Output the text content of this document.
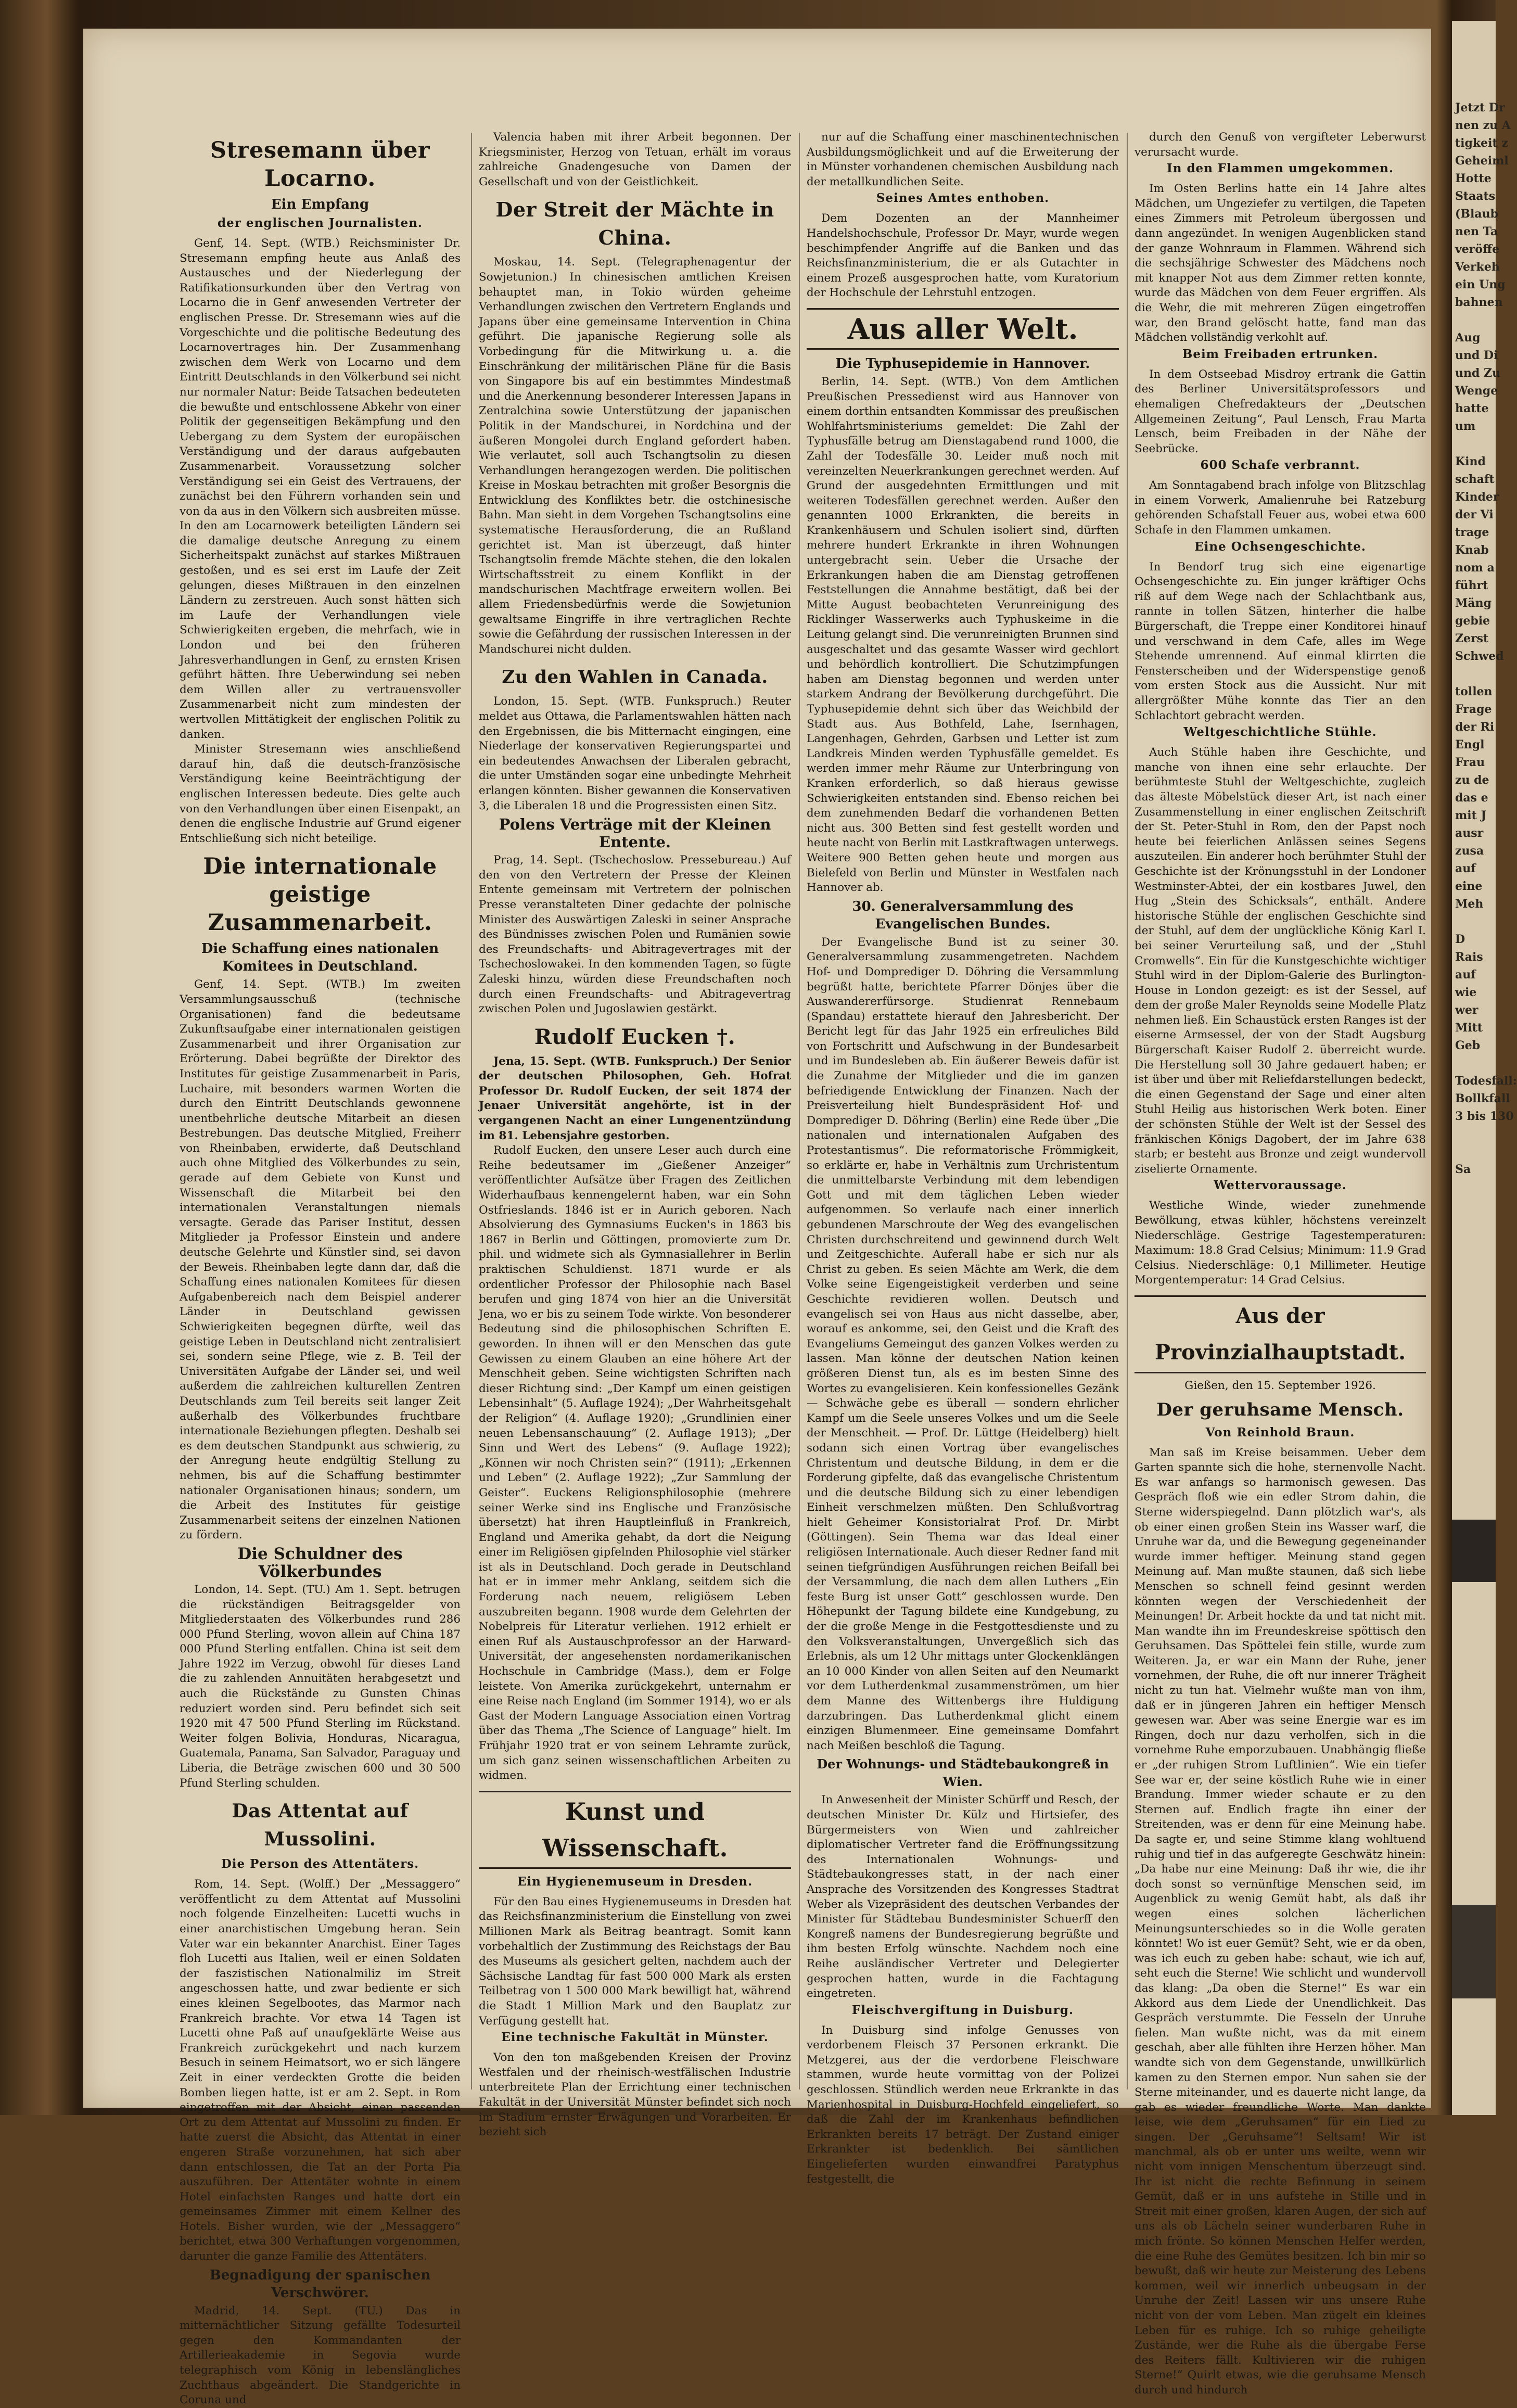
Stresemann über Locarno.
Ein Empfang
der englischen Journalisten.

Genf, 14. Sept. (WTB.) Reichsminister Dr. Stresemann empfing heute aus Anlaß des Austausches und der Niederlegung der Ratifikationsurkunden über den Vertrag von Locarno die in Genf anwesenden Vertreter der englischen Presse. Dr. Stresemann wies auf die Vorgeschichte und die politische Bedeutung des Locarnovertrages hin. Der Zusammenhang zwischen dem Werk von Locarno und dem Eintritt Deutschlands in den Völkerbund sei nicht nur normaler Natur: Beide Tatsachen bedeuteten die bewußte und entschlossene Abkehr von einer Politik der gegenseitigen Bekämpfung und den Uebergang zu dem System der europäischen Verständigung und der daraus aufgebauten Zusammenarbeit. Voraussetzung solcher Verständigung sei ein Geist des Vertrauens, der zunächst bei den Führern vorhanden sein und von da aus in den Völkern sich ausbreiten müsse. In den am Locarnowerk beteiligten Ländern sei die damalige deutsche Anregung zu einem Sicherheitspakt zunächst auf starkes Mißtrauen gestoßen, und es sei erst im Laufe der Zeit gelungen, dieses Mißtrauen in den einzelnen Ländern zu zerstreuen. Auch sonst hätten sich im Laufe der Verhandlungen viele Schwierigkeiten ergeben, die mehrfach, wie in London und bei den früheren Jahresverhandlungen in Genf, zu ernsten Krisen geführt hätten. Ihre Ueberwindung sei neben dem Willen aller zu vertrauensvoller Zusammenarbeit nicht zum mindesten der wertvollen Mittätigkeit der englischen Politik zu danken.

Minister Stresemann wies anschließend darauf hin, daß die deutsch-französische Verständigung keine Beeinträchtigung der englischen Interessen bedeute. Dies gelte auch von den Verhandlungen über einen Eisenpakt, an denen die englische Industrie auf Grund eigener Entschließung sich nicht beteilige.

Die internationale geistige Zusammenarbeit.
Die Schaffung eines nationalen Komitees in Deutschland.

Genf, 14. Sept. (WTB.) Im zweiten Versammlungsausschuß (technische Organisationen) fand die bedeutsame Zukunftsaufgabe einer internationalen geistigen Zusammenarbeit und ihrer Organisation zur Erörterung. Dabei begrüßte der Direktor des Institutes für geistige Zusammenarbeit in Paris, Luchaire, mit besonders warmen Worten die durch den Eintritt Deutschlands gewonnene unentbehrliche deutsche Mitarbeit an diesen Bestrebungen. Das deutsche Mitglied, Freiherr von Rheinbaben, erwiderte, daß Deutschland auch ohne Mitglied des Völkerbundes zu sein, gerade auf dem Gebiete von Kunst und Wissenschaft die Mitarbeit bei den internationalen Veranstaltungen niemals versagte. Gerade das Pariser Institut, dessen Mitglieder ja Professor Einstein und andere deutsche Gelehrte und Künstler sind, sei davon der Beweis. Rheinbaben legte dann dar, daß die Schaffung eines nationalen Komitees für diesen Aufgabenbereich nach dem Beispiel anderer Länder in Deutschland gewissen Schwierigkeiten begegnen dürfte, weil das geistige Leben in Deutschland nicht zentralisiert sei, sondern seine Pflege, wie z. B. Teil der Universitäten Aufgabe der Länder sei, und weil außerdem die zahlreichen kulturellen Zentren Deutschlands zum Teil bereits seit langer Zeit außerhalb des Völkerbundes fruchtbare internationale Beziehungen pflegten. Deshalb sei es dem deutschen Standpunkt aus schwierig, zu der Anregung heute endgültig Stellung zu nehmen, bis auf die Schaffung bestimmter nationaler Organisationen hinaus; sondern, um die Arbeit des Institutes für geistige Zusammenarbeit seitens der einzelnen Nationen zu fördern.

Die Schuldner des Völkerbundes

London, 14. Sept. (TU.) Am 1. Sept. betrugen die rückständigen Beitragsgelder von Mitgliederstaaten des Völkerbundes rund 286 000 Pfund Sterling, wovon allein auf China 187 000 Pfund Sterling entfallen. China ist seit dem Jahre 1922 im Verzug, obwohl für dieses Land die zu zahlenden Annuitäten herabgesetzt und auch die Rückstände zu Gunsten Chinas reduziert worden sind. Peru befindet sich seit 1920 mit 47 500 Pfund Sterling im Rückstand. Weiter folgen Bolivia, Honduras, Nicaragua, Guatemala, Panama, San Salvador, Paraguay und Liberia, die Beträge zwischen 600 und 30 500 Pfund Sterling schulden.

Das Attentat auf Mussolini.
Die Person des Attentäters.

Rom, 14. Sept. (Wolff.) Der „Messaggero“ veröffentlicht zu dem Attentat auf Mussolini noch folgende Einzelheiten: Lucetti wuchs in einer anarchistischen Umgebung heran. Sein Vater war ein bekannter Anarchist. Einer Tages floh Lucetti aus Italien, weil er einen Soldaten der faszistischen Nationalmiliz im Streit angeschossen hatte, und zwar bediente er sich eines kleinen Segelbootes, das Marmor nach Frankreich brachte. Vor etwa 14 Tagen ist Lucetti ohne Paß auf unaufgeklärte Weise aus Frankreich zurückgekehrt und nach kurzem Besuch in seinem Heimatsort, wo er sich längere Zeit in einer verdeckten Grotte die beiden Bomben liegen hatte, ist er am 2. Sept. in Rom eingetroffen mit der Absicht, einen passenden Ort zu dem Attentat auf Mussolini zu finden. Er hatte zuerst die Absicht, das Attentat in einer engeren Straße vorzunehmen, hat sich aber dann entschlossen, die Tat an der Porta Pia auszuführen. Der Attentäter wohnte in einem Hotel einfachsten Ranges und hatte dort ein gemeinsames Zimmer mit einem Kellner des Hotels. Bisher wurden, wie der „Messaggero“ berichtet, etwa 300 Verhaftungen vorgenommen, darunter die ganze Familie des Attentäters.

Begnadigung der spanischen Verschwörer.

Madrid, 14. Sept. (TU.) Das in mitternächtlicher Sitzung gefällte Todesurteil gegen den Kommandanten der Artillerieakademie in Segovia wurde telegraphisch vom König in lebenslängliches Zuchthaus abgeändert. Die Standgerichte in Coruna und

Valencia haben mit ihrer Arbeit begonnen. Der Kriegsminister, Herzog von Tetuan, erhält im voraus zahlreiche Gnadengesuche von Damen der Gesellschaft und von der Geistlichkeit.

Der Streit der Mächte in China.

Moskau, 14. Sept. (Telegraphenagentur der Sowjetunion.) In chinesischen amtlichen Kreisen behauptet man, in Tokio würden geheime Verhandlungen zwischen den Vertretern Englands und Japans über eine gemeinsame Intervention in China geführt. Die japanische Regierung solle als Vorbedingung für die Mitwirkung u. a. die Einschränkung der militärischen Pläne für die Basis von Singapore bis auf ein bestimmtes Mindestmaß und die Anerkennung besonderer Interessen Japans in Zentralchina sowie Unterstützung der japanischen Politik in der Mandschurei, in Nordchina und der äußeren Mongolei durch England gefordert haben. Wie verlautet, soll auch Tschangtsolin zu diesen Verhandlungen herangezogen werden. Die politischen Kreise in Moskau betrachten mit großer Besorgnis die Entwicklung des Konfliktes betr. die ostchinesische Bahn. Man sieht in dem Vorgehen Tschangtsolins eine systematische Herausforderung, die an Rußland gerichtet ist. Man ist überzeugt, daß hinter Tschangtsolin fremde Mächte stehen, die den lokalen Wirtschaftsstreit zu einem Konflikt in der mandschurischen Machtfrage erweitern wollen. Bei allem Friedensbedürfnis werde die Sowjetunion gewaltsame Eingriffe in ihre vertraglichen Rechte sowie die Gefährdung der russischen Interessen in der Mandschurei nicht dulden.

Zu den Wahlen in Canada.

London, 15. Sept. (WTB. Funkspruch.) Reuter meldet aus Ottawa, die Parlamentswahlen hätten nach den Ergebnissen, die bis Mitternacht eingingen, eine Niederlage der konservativen Regierungspartei und ein bedeutendes Anwachsen der Liberalen gebracht, die unter Umständen sogar eine unbedingte Mehrheit erlangen könnten. Bisher gewannen die Konservativen 3, die Liberalen 18 und die Progressisten einen Sitz.

Polens Verträge mit der Kleinen Entente.

Prag, 14. Sept. (Tschechoslow. Pressebureau.) Auf den von den Vertretern der Presse der Kleinen Entente gemeinsam mit Vertretern der polnischen Presse veranstalteten Diner gedachte der polnische Minister des Auswärtigen Zaleski in seiner Ansprache des Bündnisses zwischen Polen und Rumänien sowie des Freundschafts- und Abitragevertrages mit der Tschechoslowakei. In den kommenden Tagen, so fügte Zaleski hinzu, würden diese Freundschaften noch durch einen Freundschafts- und Abitragevertrag zwischen Polen und Jugoslawien gestärkt.

Rudolf Eucken †.

Jena, 15. Sept. (WTB. Funkspruch.) Der Senior der deutschen Philosophen, Geh. Hofrat Professor Dr. Rudolf Eucken, der seit 1874 der Jenaer Universität angehörte, ist in der vergangenen Nacht an einer Lungenentzündung im 81. Lebensjahre gestorben.

Rudolf Eucken, den unsere Leser auch durch eine Reihe bedeutsamer im „Gießener Anzeiger“ veröffentlichter Aufsätze über Fragen des Zeitlichen Widerhaufbaus kennengelernt haben, war ein Sohn Ostfrieslands. 1846 ist er in Aurich geboren. Nach Absolvierung des Gymnasiums Eucken's in 1863 bis 1867 in Berlin und Göttingen, promovierte zum Dr. phil. und widmete sich als Gymnasiallehrer in Berlin praktischen Schuldienst. 1871 wurde er als ordentlicher Professor der Philosophie nach Basel berufen und ging 1874 von hier an die Universität Jena, wo er bis zu seinem Tode wirkte. Von besonderer Bedeutung sind die philosophischen Schriften E. geworden. In ihnen will er den Menschen das gute Gewissen zu einem Glauben an eine höhere Art der Menschheit geben. Seine wichtigsten Schriften nach dieser Richtung sind: „Der Kampf um einen geistigen Lebensinhalt“ (5. Auflage 1924); „Der Wahrheitsgehalt der Religion“ (4. Auflage 1920); „Grundlinien einer neuen Lebensanschauung“ (2. Auflage 1913); „Der Sinn und Wert des Lebens“ (9. Auflage 1922); „Können wir noch Christen sein?“ (1911); „Erkennen und Leben“ (2. Auflage 1922); „Zur Sammlung der Geister“. Euckens Religionsphilosophie (mehrere seiner Werke sind ins Englische und Französische übersetzt) hat ihren Hauptleinfluß in Frankreich, England und Amerika gehabt, da dort die Neigung einer im Religiösen gipfelnden Philosophie viel stärker ist als in Deutschland. Doch gerade in Deutschland hat er in immer mehr Anklang, seitdem sich die Forderung nach neuem, religiösem Leben auszubreiten begann. 1908 wurde dem Gelehrten der Nobelpreis für Literatur verliehen. 1912 erhielt er einen Ruf als Austauschprofessor an der Harward-Universität, der angesehensten nordamerikanischen Hochschule in Cambridge (Mass.), dem er Folge leistete. Von Amerika zurückgekehrt, unternahm er eine Reise nach England (im Sommer 1914), wo er als Gast der Modern Language Association einen Vortrag über das Thema „The Science of Language“ hielt. Im Frühjahr 1920 trat er von seinem Lehramte zurück, um sich ganz seinen wissenschaftlichen Arbeiten zu widmen.

Kunst und Wissenschaft.
Ein Hygienemuseum in Dresden.

Für den Bau eines Hygienemuseums in Dresden hat das Reichsfinanzministerium die Einstellung von zwei Millionen Mark als Beitrag beantragt. Somit kann vorbehaltlich der Zustimmung des Reichstags der Bau des Museums als gesichert gelten, nachdem auch der Sächsische Landtag für fast 500 000 Mark als ersten Teilbetrag von 1 500 000 Mark bewilligt hat, während die Stadt 1 Million Mark und den Bauplatz zur Verfügung gestellt hat.

Eine technische Fakultät in Münster.

Von den ton maßgebenden Kreisen der Provinz Westfalen und der rheinisch-westfälischen Industrie unterbreitete Plan der Errichtung einer technischen Fakultät in der Universität Münster befindet sich noch im Stadium ernster Erwägungen und Vorarbeiten. Er bezieht sich

nur auf die Schaffung einer maschinentechnischen Ausbildungsmöglichkeit und auf die Erweiterung der in Münster vorhandenen chemischen Ausbildung nach der metallkundlichen Seite.

Seines Amtes enthoben.

Dem Dozenten an der Mannheimer Handelshochschule, Professor Dr. Mayr, wurde wegen beschimpfender Angriffe auf die Banken und das Reichsfinanzministerium, die er als Gutachter in einem Prozeß ausgesprochen hatte, vom Kuratorium der Hochschule der Lehrstuhl entzogen.

Aus aller Welt.
Die Typhusepidemie in Hannover.

Berlin, 14. Sept. (WTB.) Von dem Amtlichen Preußischen Pressedienst wird aus Hannover von einem dorthin entsandten Kommissar des preußischen Wohlfahrtsministeriums gemeldet: Die Zahl der Typhusfälle betrug am Dienstagabend rund 1000, die Zahl der Todesfälle 30. Leider muß noch mit vereinzelten Neuerkrankungen gerechnet werden. Auf Grund der ausgedehnten Ermittlungen und mit weiteren Todesfällen gerechnet werden. Außer den genannten 1000 Erkrankten, die bereits in Krankenhäusern und Schulen isoliert sind, dürften mehrere hundert Erkrankte in ihren Wohnungen untergebracht sein. Ueber die Ursache der Erkrankungen haben die am Dienstag getroffenen Feststellungen die Annahme bestätigt, daß bei der Mitte August beobachteten Verunreinigung des Ricklinger Wasserwerks auch Typhuskeime in die Leitung gelangt sind. Die verunreinigten Brunnen sind ausgeschaltet und das gesamte Wasser wird gechlort und behördlich kontrolliert. Die Schutzimpfungen haben am Dienstag begonnen und werden unter starkem Andrang der Bevölkerung durchgeführt. Die Typhusepidemie dehnt sich über das Weichbild der Stadt aus. Aus Bothfeld, Lahe, Isernhagen, Langenhagen, Gehrden, Garbsen und Letter ist zum Landkreis Minden werden Typhusfälle gemeldet. Es werden immer mehr Räume zur Unterbringung von Kranken erforderlich, so daß hieraus gewisse Schwierigkeiten entstanden sind. Ebenso reichen bei dem zunehmenden Bedarf die vorhandenen Betten nicht aus. 300 Betten sind fest gestellt worden und heute nacht von Berlin mit Lastkraftwagen unterwegs. Weitere 900 Betten gehen heute und morgen aus Bielefeld von Berlin und Münster in Westfalen nach Hannover ab.

30. Generalversammlung des Evangelischen Bundes.

Der Evangelische Bund ist zu seiner 30. Generalversammlung zusammengetreten. Nachdem Hof- und Domprediger D. Döhring die Versammlung begrüßt hatte, berichtete Pfarrer Dönjes über die Auswandererfürsorge. Studienrat Rennebaum (Spandau) erstattete hierauf den Jahresbericht. Der Bericht legt für das Jahr 1925 ein erfreuliches Bild von Fortschritt und Aufschwung in der Bundesarbeit und im Bundesleben ab. Ein äußerer Beweis dafür ist die Zunahme der Mitglieder und die im ganzen befriedigende Entwicklung der Finanzen. Nach der Preisverteilung hielt Bundespräsident Hof- und Domprediger D. Döhring (Berlin) eine Rede über „Die nationalen und internationalen Aufgaben des Protestantismus“. Die reformatorische Frömmigkeit, so erklärte er, habe in Verhältnis zum Urchristentum die unmittelbarste Verbindung mit dem lebendigen Gott und mit dem täglichen Leben wieder aufgenommen. So verlaufe nach einer innerlich gebundenen Marschroute der Weg des evangelischen Christen durchschreitend und gewinnend durch Welt und Zeitgeschichte. Auferall habe er sich nur als Christ zu geben. Es seien Mächte am Werk, die dem Volke seine Eigengeistigkeit verderben und seine Geschichte revidieren wollen. Deutsch und evangelisch sei von Haus aus nicht dasselbe, aber, worauf es ankomme, sei, den Geist und die Kraft des Evangeliums Gemeingut des ganzen Volkes werden zu lassen. Man könne der deutschen Nation keinen größeren Dienst tun, als es im besten Sinne des Wortes zu evangelisieren. Kein konfessionelles Gezänk — Schwäche gebe es überall — sondern ehrlicher Kampf um die Seele unseres Volkes und um die Seele der Menschheit. — Prof. Dr. Lüttge (Heidelberg) hielt sodann sich einen Vortrag über evangelisches Christentum und deutsche Bildung, in dem er die Forderung gipfelte, daß das evangelische Christentum und die deutsche Bildung sich zu einer lebendigen Einheit verschmelzen müßten. Den Schlußvortrag hielt Geheimer Konsistorialrat Prof. Dr. Mirbt (Göttingen). Sein Thema war das Ideal einer religiösen Internationale. Auch dieser Redner fand mit seinen tiefgründigen Ausführungen reichen Beifall bei der Versammlung, die nach dem allen Luthers „Ein feste Burg ist unser Gott“ geschlossen wurde. Den Höhepunkt der Tagung bildete eine Kundgebung, zu der die große Menge in die Festgottesdienste und zu den Volksveranstaltungen, Unvergeßlich sich das Erlebnis, als um 12 Uhr mittags unter Glockenklängen an 10 000 Kinder von allen Seiten auf den Neumarkt vor dem Lutherdenkmal zusammenströmen, um hier dem Manne des Wittenbergs ihre Huldigung darzubringen. Das Lutherdenkmal glicht einem einzigen Blumenmeer. Eine gemeinsame Domfahrt nach Meißen beschloß die Tagung.

Der Wohnungs- und Städtebaukongreß in Wien.

In Anwesenheit der Minister Schürff und Resch, der deutschen Minister Dr. Külz und Hirtsiefer, des Bürgermeisters von Wien und zahlreicher diplomatischer Vertreter fand die Eröffnungssitzung des Internationalen Wohnungs- und Städtebaukongresses statt, in der nach einer Ansprache des Vorsitzenden des Kongresses Stadtrat Weber als Vizepräsident des deutschen Verbandes der Minister für Städtebau Bundesminister Schuerff den Kongreß namens der Bundesregierung begrüßte und ihm besten Erfolg wünschte. Nachdem noch eine Reihe ausländischer Vertreter und Delegierter gesprochen hatten, wurde in die Fachtagung eingetreten.

Fleischvergiftung in Duisburg.

In Duisburg sind infolge Genusses von verdorbenem Fleisch 37 Personen erkrankt. Die Metzgerei, aus der die verdorbene Fleischware stammen, wurde heute vormittag von der Polizei geschlossen. Stündlich werden neue Erkrankte in das Marienhospital in Duisburg-Hochfeld eingeliefert, so daß die Zahl der im Krankenhaus befindlichen Erkrankten bereits 17 beträgt. Der Zustand einiger Erkrankter ist bedenklich. Bei sämtlichen Eingelieferten wurden einwandfrei Paratyphus festgestellt, die

durch den Genuß von vergifteter Leberwurst verursacht wurde.

In den Flammen umgekommen.

Im Osten Berlins hatte ein 14 Jahre altes Mädchen, um Ungeziefer zu vertilgen, die Tapeten eines Zimmers mit Petroleum übergossen und dann angezündet. In wenigen Augenblicken stand der ganze Wohnraum in Flammen. Während sich die sechsjährige Schwester des Mädchens noch mit knapper Not aus dem Zimmer retten konnte, wurde das Mädchen von dem Feuer ergriffen. Als die Wehr, die mit mehreren Zügen eingetroffen war, den Brand gelöscht hatte, fand man das Mädchen vollständig verkohlt auf.

Beim Freibaden ertrunken.

In dem Ostseebad Misdroy ertrank die Gattin des Berliner Universitätsprofessors und ehemaligen Chefredakteurs der „Deutschen Allgemeinen Zeitung“, Paul Lensch, Frau Marta Lensch, beim Freibaden in der Nähe der Seebrücke.

600 Schafe verbrannt.

Am Sonntagabend brach infolge von Blitzschlag in einem Vorwerk, Amalienruhe bei Ratzeburg gehörenden Schafstall Feuer aus, wobei etwa 600 Schafe in den Flammen umkamen.

Eine Ochsengeschichte.

In Bendorf trug sich eine eigenartige Ochsengeschichte zu. Ein junger kräftiger Ochs riß auf dem Wege nach der Schlachtbank aus, rannte in tollen Sätzen, hinterher die halbe Bürgerschaft, die Treppe einer Konditorei hinauf und verschwand in dem Cafe, alles im Wege Stehende umrennend. Auf einmal klirrten die Fensterscheiben und der Widerspenstige genoß vom ersten Stock aus die Aussicht. Nur mit allergrößter Mühe konnte das Tier an den Schlachtort gebracht werden.

Weltgeschichtliche Stühle.

Auch Stühle haben ihre Geschichte, und manche von ihnen eine sehr erlauchte. Der berühmteste Stuhl der Weltgeschichte, zugleich das älteste Möbelstück dieser Art, ist nach einer Zusammenstellung in einer englischen Zeitschrift der St. Peter-Stuhl in Rom, den der Papst noch heute bei feierlichen Anlässen seines Segens auszuteilen. Ein anderer hoch berühmter Stuhl der Geschichte ist der Krönungsstuhl in der Londoner Westminster-Abtei, der ein kostbares Juwel, den Hug „Stein des Schicksals“, enthält. Andere historische Stühle der englischen Geschichte sind der Stuhl, auf dem der unglückliche König Karl I. bei seiner Verurteilung saß, und der „Stuhl Cromwells“. Ein für die Kunstgeschichte wichtiger Stuhl wird in der Diplom-Galerie des Burlington-House in London gezeigt: es ist der Sessel, auf dem der große Maler Reynolds seine Modelle Platz nehmen ließ. Ein Schaustück ersten Ranges ist der eiserne Armsessel, der von der Stadt Augsburg Bürgerschaft Kaiser Rudolf 2. überreicht wurde. Die Herstellung soll 30 Jahre gedauert haben; er ist über und über mit Reliefdarstellungen bedeckt, die einen Gegenstand der Sage und einer alten Stuhl Heilig aus historischen Werk boten. Einer der schönsten Stühle der Welt ist der Sessel des fränkischen Königs Dagobert, der im Jahre 638 starb; er besteht aus Bronze und zeigt wundervoll ziselierte Ornamente.

Wettervoraussage.

Westliche Winde, wieder zunehmende Bewölkung, etwas kühler, höchstens vereinzelt Niederschläge. Gestrige Tagestemperaturen: Maximum: 18.8 Grad Celsius; Minimum: 11.9 Grad Celsius. Niederschläge: 0,1 Millimeter. Heutige Morgentemperatur: 14 Grad Celsius.

Aus der Provinzialhauptstadt.

Gießen, den 15. September 1926.

Der geruhsame Mensch.
Von Reinhold Braun.

Man saß im Kreise beisammen. Ueber dem Garten spannte sich die hohe, sternenvolle Nacht. Es war anfangs so harmonisch gewesen. Das Gespräch floß wie ein edler Strom dahin, die Sterne widerspiegelnd. Dann plötzlich war's, als ob einer einen großen Stein ins Wasser warf, die Unruhe war da, und die Bewegung gegeneinander wurde immer heftiger. Meinung stand gegen Meinung auf. Man mußte staunen, daß sich liebe Menschen so schnell feind gesinnt werden könnten wegen der Verschiedenheit der Meinungen! Dr. Arbeit hockte da und tat nicht mit. Man wandte ihn im Freundeskreise spöttisch den Geruhsamen. Das Spöttelei fein stille, wurde zum Weiteren. Ja, er war ein Mann der Ruhe, jener vornehmen, der Ruhe, die oft nur innerer Trägheit nicht zu tun hat. Vielmehr wußte man von ihm, daß er in jüngeren Jahren ein heftiger Mensch gewesen war. Aber was seine Energie war es im Ringen, doch nur dazu verholfen, sich in die vornehme Ruhe emporzubauen. Unabhängig fließe er „der ruhigen Strom Luftlinien“. Wie ein tiefer See war er, der seine köstlich Ruhe wie in einer Brandung. Immer wieder schaute er zu den Sternen auf. Endlich fragte ihn einer der Streitenden, was er denn für eine Meinung habe. Da sagte er, und seine Stimme klang wohltuend ruhig und tief in das aufgeregte Geschwätz hinein: „Da habe nur eine Meinung: Daß ihr wie, die ihr doch sonst so vernünftige Menschen seid, im Augenblick zu wenig Gemüt habt, als daß ihr wegen eines solchen lächerlichen Meinungsunterschiedes so in die Wolle geraten könntet! Wo ist euer Gemüt? Seht, wie er da oben, was ich euch zu geben habe: schaut, wie ich auf, seht euch die Sterne! Wie schlicht und wundervoll das klang: „Da oben die Sterne!“ Es war ein Akkord aus dem Liede der Unendlichkeit. Das Gespräch verstummte. Die Fesseln der Unruhe fielen. Man wußte nicht, was da mit einem geschah, aber alle fühlten ihre Herzen höher. Man wandte sich von dem Gegenstande, unwillkürlich kamen zu den Sternen empor. Nun sahen sie der Sterne miteinander, und es dauerte nicht lange, da gab es wieder freundliche Worte. Man dankte leise, wie dem „Geruhsamen“ für ein Lied zu singen. Der „Geruhsame“! Seltsam! Wir ist manchmal, als ob er unter uns weilte, wenn wir nicht vom innigen Menschentum überzeugt sind. Ihr ist nicht die rechte Befinnung in seinem Gemüt, daß er in uns aufstehe in Stille und in Streit mit einer großen, klaren Augen, der sich auf uns als ob Lächeln seiner wunderbaren Ruhe in mich frönte. So können Menschen Helfer werden, die eine Ruhe des Gemütes besitzen. Ich bin mir so bewußt, daß wir heute zur Meisterung des Lebens kommen, weil wir innerlich unbeugsam in der Unruhe der Zeit! Lassen wir uns unsere Ruhe nicht von der vom Leben. Man zügelt ein kleines Leben für es ruhige. Ich so ruhige geheiligte Zustände, wer die Ruhe als die übergabe Ferse des Reiters fällt. Kultivieren wir die ruhigen Sterne!“ Quirlt etwas, wie die geruhsame Mensch durch und hindurch

Jetzt Dr
nen zu A
tigkeit z
Geheiml
Hotte
Staats
(Blaub
nen Ta
veröffe
Verkeh
ein Ung
bahnen

Aug
und Di
und Zu
Wenge
hatte
um

Kind
schaft
Kinder
der Vi
trage
Knab
nom a
führt
Mäng
gebie
Zerst
Schwed

tollen
Frage
der Ri
Engl
Frau
zu de
das e
mit J
ausr
zusa
auf
eine
Meh

D
Rais
auf
wie
wer
Mitt
Geb

Todesfall:
Bollkfall
3 bis 130

Sa
